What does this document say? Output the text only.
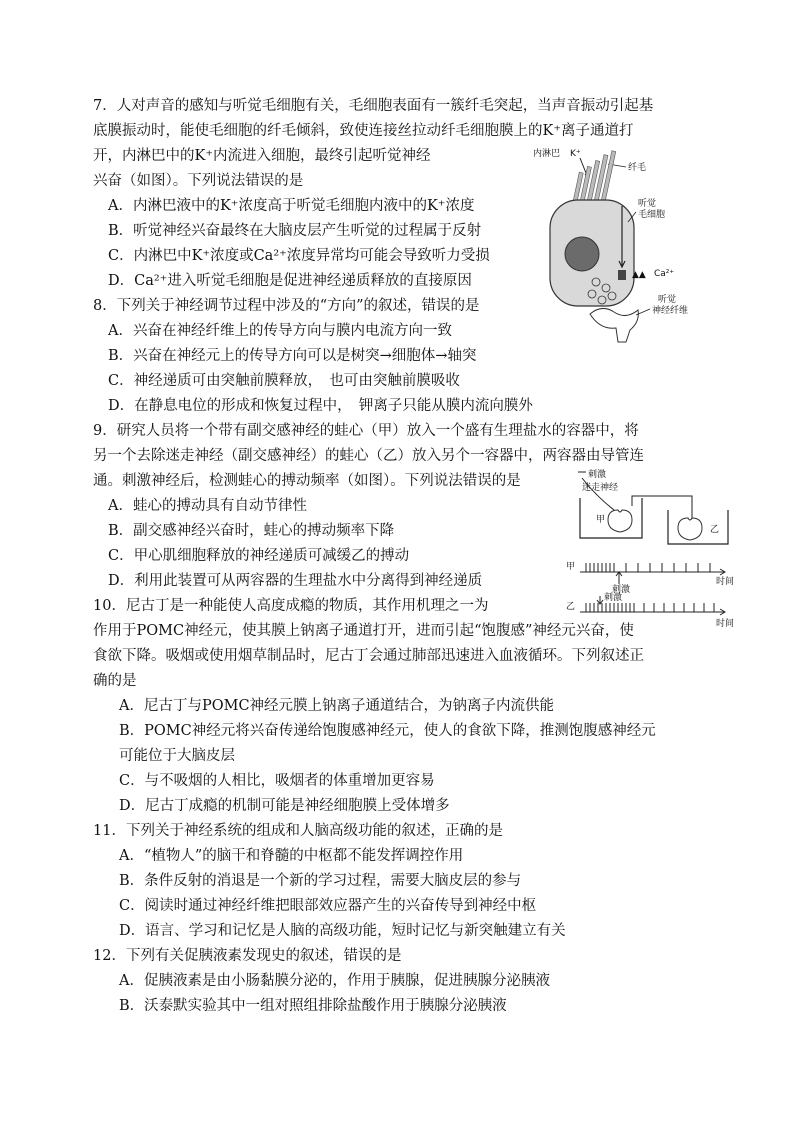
7．人对声音的感知与听觉毛细胞有关，毛细胞表面有一簇纤毛突起，当声音振动引起基
底膜振动时，能使毛细胞的纤毛倾斜，致使连接丝拉动纤毛细胞膜上的K⁺离子通道打
开，内淋巴中的K⁺内流进入细胞，最终引起听觉神经
兴奋（如图）。下列说法错误的是
A．内淋巴液中的K⁺浓度高于听觉毛细胞内液中的K⁺浓度
B．听觉神经兴奋最终在大脑皮层产生听觉的过程属于反射
C．内淋巴中K⁺浓度或Ca²⁺浓度异常均可能会导致听力受损
D．Ca²⁺进入听觉毛细胞是促进神经递质释放的直接原因
内淋巴 K⁺
纤毛
听觉
毛细胞
▲▲ Ca²⁺
听觉
神经纤维
8．下列关于神经调节过程中涉及的“方向”的叙述，错误的是
A．兴奋在神经纤维上的传导方向与膜内电流方向一致
B．兴奋在神经元上的传导方向可以是树突→细胞体→轴突
C．神经递质可由突触前膜释放，　也可由突触前膜吸收
D．在静息电位的形成和恢复过程中，　钾离子只能从膜内流向膜外
9．研究人员将一个带有副交感神经的蛙心（甲）放入一个盛有生理盐水的容器中，将
另一个去除迷走神经（副交感神经）的蛙心（乙）放入另个一容器中，两容器由导管连
通。刺激神经后，检测蛙心的搏动频率（如图）。下列说法错误的是
A．蛙心的搏动具有自动节律性
B．副交感神经兴奋时，蛙心的搏动频率下降
C．甲心肌细胞释放的神经递质可减缓乙的搏动
D．利用此装置可从两容器的生理盐水中分离得到神经递质
刺激
迷走神经
甲
乙
甲
刺激
时间
乙
刺激
时间
10．尼古丁是一种能使人高度成瘾的物质，其作用机理之一为
作用于POMC神经元，使其膜上钠离子通道打开，进而引起“饱腹感”神经元兴奋，使
食欲下降。吸烟或使用烟草制品时，尼古丁会通过肺部迅速进入血液循环。下列叙述正
确的是
A．尼古丁与POMC神经元膜上钠离子通道结合，为钠离子内流供能
B．POMC神经元将兴奋传递给饱腹感神经元，使人的食欲下降，推测饱腹感神经元
可能位于大脑皮层
C．与不吸烟的人相比，吸烟者的体重增加更容易
D．尼古丁成瘾的机制可能是神经细胞膜上受体增多
11．下列关于神经系统的组成和人脑高级功能的叙述，正确的是
A．“植物人”的脑干和脊髓的中枢都不能发挥调控作用
B．条件反射的消退是一个新的学习过程，需要大脑皮层的参与
C．阅读时通过神经纤维把眼部效应器产生的兴奋传导到神经中枢
D．语言、学习和记忆是人脑的高级功能，短时记忆与新突触建立有关
12．下列有关促胰液素发现史的叙述，错误的是
A．促胰液素是由小肠黏膜分泌的，作用于胰腺，促进胰腺分泌胰液
B．沃泰默实验其中一组对照组排除盐酸作用于胰腺分泌胰液
